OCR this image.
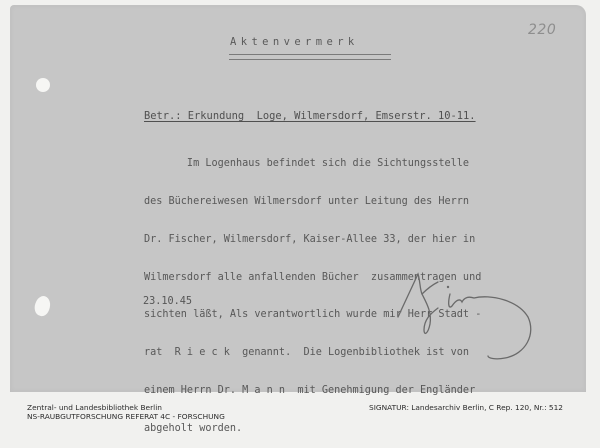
220
Aktenvermerk
Betr.: Erkundung  Loge, Wilmersdorf, Emserstr. 10-11.

Im Logenhaus befindet sich die Sichtungsstelle

des Büchereiwesen Wilmersdorf unter Leitung des Herrn

Dr. Fischer, Wilmersdorf, Kaiser-Allee 33, der hier in

Wilmersdorf alle anfallenden Bücher  zusammentragen und

sichten läßt, Als verantwortlich wurde mir Herr Stadt -

rat  R i e c k  genannt.  Die Logenbibliothek ist von

einem Herrn Dr. M a n n  mit Genehmigung der Engländer

abgeholt worden.

23.10.45
Zentral- und Landesbibliothek Berlin
NS-RAUBGUTFORSCHUNG REFERAT 4C - FORSCHUNG
SIGNATUR: Landesarchiv Berlin, C Rep. 120, Nr.: 512
